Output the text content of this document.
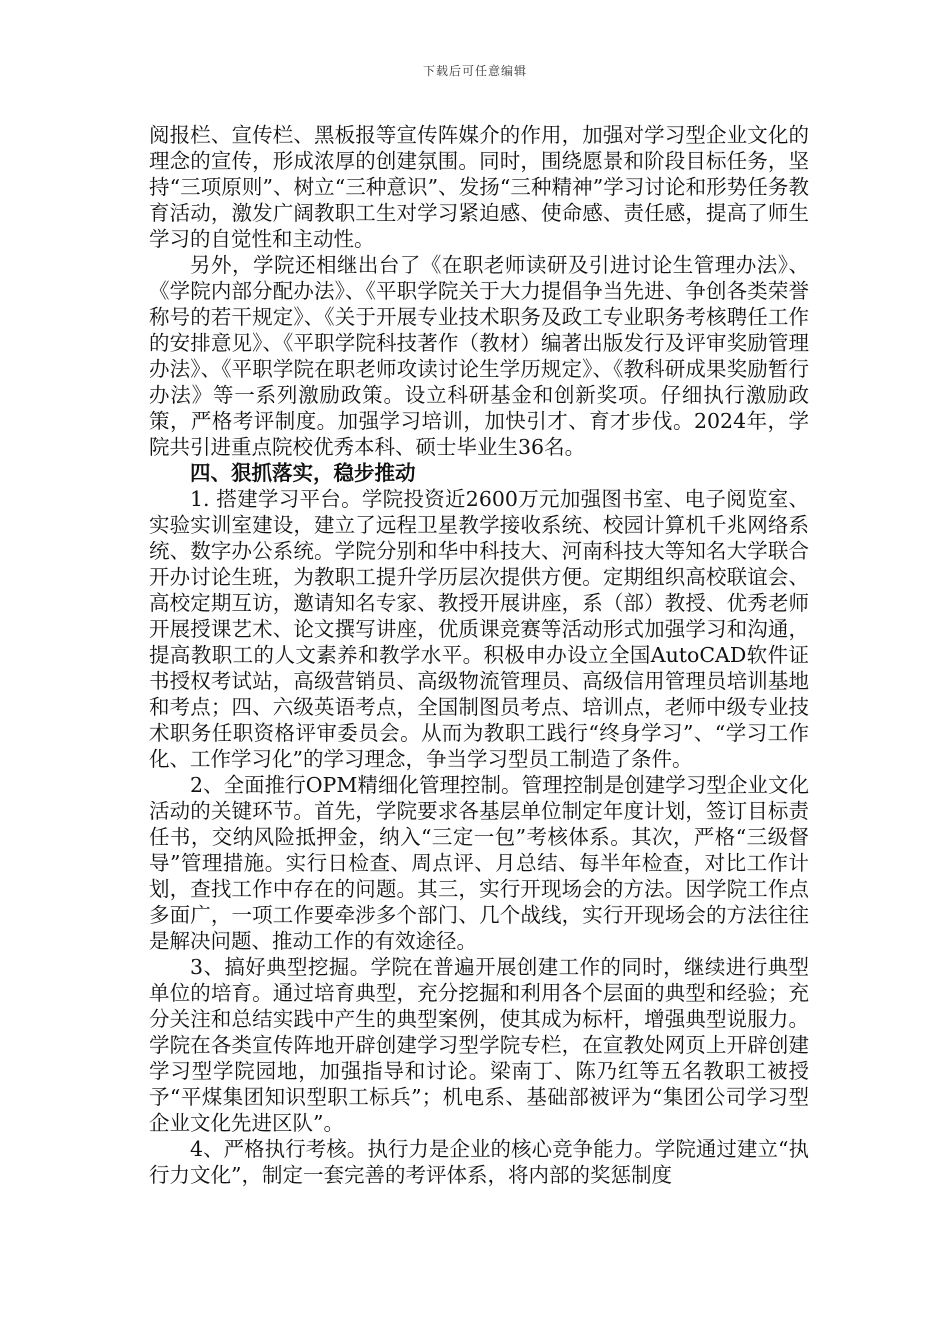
下载后可任意编辑

阅报栏、宣传栏、黑板报等宣传阵媒介的作用，加强对学习型企业文化的理念的宣传，形成浓厚的创建氛围。同时，围绕愿景和阶段目标任务，坚持“三项原则”、树立“三种意识”、发扬“三种精神”学习讨论和形势任务教育活动，激发广阔教职工生对学习紧迫感、使命感、责任感，提高了师生学习的自觉性和主动性。

另外，学院还相继出台了《在职老师读研及引进讨论生管理办法》、《学院内部分配办法》、《平职学院关于大力提倡争当先进、争创各类荣誉称号的若干规定》、《关于开展专业技术职务及政工专业职务考核聘任工作的安排意见》、《平职学院科技著作（教材）编著出版发行及评审奖励管理办法》、《平职学院在职老师攻读讨论生学历规定》、《教科研成果奖励暂行办法》等一系列激励政策。设立科研基金和创新奖项。仔细执行激励政策，严格考评制度。加强学习培训，加快引才、育才步伐。2024年，学院共引进重点院校优秀本科、硕士毕业生36名。

四、狠抓落实，稳步推动

1. 搭建学习平台。学院投资近2600万元加强图书室、电子阅览室、实验实训室建设，建立了远程卫星教学接收系统、校园计算机千兆网络系统、数字办公系统。学院分别和华中科技大、河南科技大等知名大学联合开办讨论生班，为教职工提升学历层次提供方便。定期组织高校联谊会、高校定期互访，邀请知名专家、教授开展讲座，系（部）教授、优秀老师开展授课艺术、论文撰写讲座，优质课竞赛等活动形式加强学习和沟通，提高教职工的人文素养和教学水平。积极申办设立全国AutoCAD软件证书授权考试站，高级营销员、高级物流管理员、高级信用管理员培训基地和考点；四、六级英语考点，全国制图员考点、培训点，老师中级专业技术职务任职资格评审委员会。从而为教职工践行“终身学习”、“学习工作化、工作学习化”的学习理念，争当学习型员工制造了条件。

2、全面推行OPM精细化管理控制。管理控制是创建学习型企业文化活动的关键环节。首先，学院要求各基层单位制定年度计划，签订目标责任书，交纳风险抵押金，纳入“三定一包”考核体系。其次，严格“三级督导”管理措施。实行日检查、周点评、月总结、每半年检查，对比工作计划，查找工作中存在的问题。其三，实行开现场会的方法。因学院工作点多面广，一项工作要牵涉多个部门、几个战线，实行开现场会的方法往往是解决问题、推动工作的有效途径。

3、搞好典型挖掘。学院在普遍开展创建工作的同时，继续进行典型单位的培育。通过培育典型，充分挖掘和利用各个层面的典型和经验；充分关注和总结实践中产生的典型案例，使其成为标杆，增强典型说服力。学院在各类宣传阵地开辟创建学习型学院专栏，在宣教处网页上开辟创建学习型学院园地，加强指导和讨论。梁南丁、陈乃红等五名教职工被授予“平煤集团知识型职工标兵”；机电系、基础部被评为“集团公司学习型企业文化先进区队”。

4、严格执行考核。执行力是企业的核心竞争能力。学院通过建立“执行力文化”，制定一套完善的考评体系，将内部的奖惩制度
